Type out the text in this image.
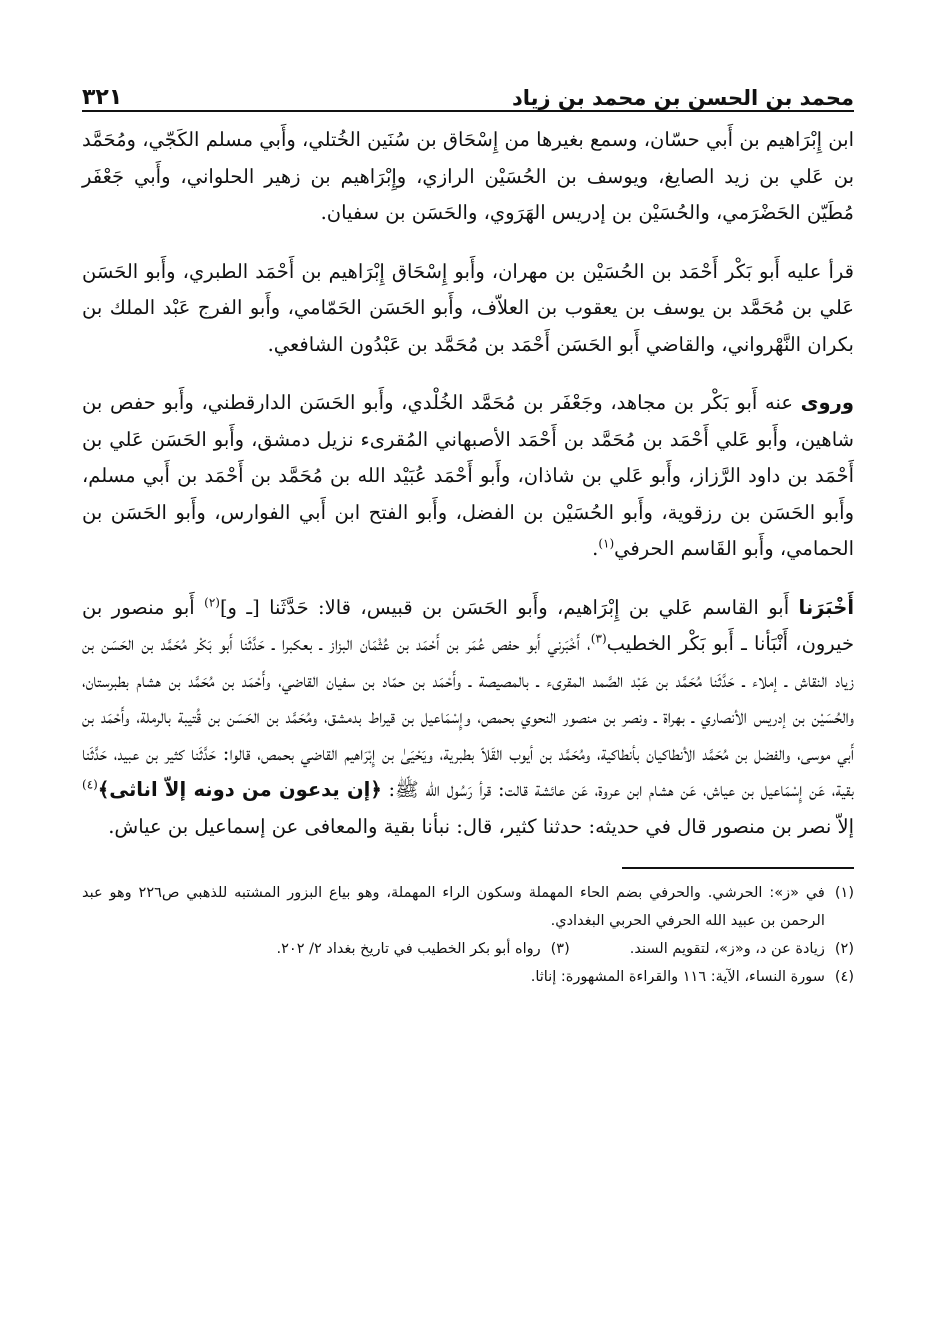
محمد بن الحسن بن محمد بن زياد
٣٢١

ابن إِبْرَاهيم بن أَبي حسّان، وسمع بغيرها من إِسْحَاق بن سُنَين الخُتلي، وأَبي مسلم الكَجّي، ومُحَمَّد بن عَلي بن زيد الصايغ، ويوسف بن الحُسَيْن الرازي، وإِبْرَاهيم بن زهير الحلواني، وأَبي جَعْفَر مُطَيّن الحَضْرَمي، والحُسَيْن بن إدريس الهَرَوي، والحَسَن بن سفيان.

قرأ عليه أَبو بَكْر أَحْمَد بن الحُسَيْن بن مهران، وأَبو إِسْحَاق إِبْرَاهيم بن أَحْمَد الطبري، وأَبو الحَسَن عَلي بن مُحَمَّد بن يوسف بن يعقوب بن العلاّف، وأَبو الحَسَن الحَمّامي، وأَبو الفرج عَبْد الملك بن بكران النَّهْرواني، والقاضي أَبو الحَسَن أَحْمَد بن مُحَمَّد بن عَبْدُون الشافعي.

وروى عنه أَبو بَكْر بن مجاهد، وجَعْفَر بن مُحَمَّد الخُلْدي، وأَبو الحَسَن الدارقطني، وأَبو حفص بن شاهين، وأَبو عَلي أَحْمَد بن مُحَمَّد بن أَحْمَد الأصبهاني المُقرىء نزيل دمشق، وأَبو الحَسَن عَلي بن أَحْمَد بن داود الرَّزاز، وأَبو عَلي بن شاذان، وأَبو أَحْمَد عُبَيْد الله بن مُحَمَّد بن أَحْمَد بن أَبي مسلم، وأَبو الحَسَن بن رزقوية، وأَبو الحُسَيْن بن الفضل، وأَبو الفتح ابن أَبي الفوارس، وأَبو الحَسَن بن الحمامي، وأَبو القَاسم الحرفي$^{(١)}$.

أَخْبَرَنا أَبو القاسم عَلي بن إِبْرَاهيم، وأَبو الحَسَن بن قبيس، قالا: حَدَّثَنا [ـ و]$^{(٢)}$ أَبو منصور بن خيرون، أَنْبَأنا ـ أَبو بَكْر الخطيب$^{(٣)}$، أَخْبَرني أَبو حفص عُمَر بن أَحْمَد بن عُثْمَان البزاز ـ بعكبرا ـ حَدَّثَنا أَبو بَكْر مُحَمَّد بن الحَسَن بن زياد النقاش ـ إملاء ـ حَدَّثَنا مُحَمَّد بن عَبْد الصَّمد المقرىء ـ بالمصيصة ـ وأَحْمَد بن حمّاد بن سفيان القاضي، وأَحْمَد بن مُحَمَّد بن هشام بطبرستان، والحُسَيْن بن إدريس الأنصاري ـ بهراة ـ ونصر بن منصور النحوي بحمص، وإِسْمَاعيل بن قيراط بدمشق، ومُحَمَّد بن الحَسَن بن قُتيبة بالرملة، وأَحْمَد بن أَبي موسى، والفضل بن مُحَمَّد الأنطاكيان بأنطاكية، ومُحَمَّد بن أيوب القَلاّ بطبرية، ويَحْيَىٰ بن إِبْرَاهيم القاضي بحمص، قالوا: حَدَّثَنا كثير بن عبيد، حَدَّثَنا بقية، عَن إِسْمَاعيل بن عياش، عَن هشام ابن عروة، عَن عائشة قالت: قرأ رَسُول الله ﷺ: ﴿إن يدعون من دونه إلاّ اناثى﴾$^{(٤)}$ إلاّ نصر بن منصور قال في حديثه: حدثنا كثير، قال: نبأنا بقية والمعافى عن إسماعيل بن عياش.

(١)
في «ز»: الحرشي. والحرفي بضم الحاء المهملة وسكون الراء المهملة، وهو بياع البزور المشتبه للذهبي ص٢٢٦ وهو عبد الرحمن بن عبيد الله الحرفي الحربي البغدادي.
(٢)
زيادة عن د، و«ز»، لتقويم السند.
(٣)
رواه أبو بكر الخطيب في تاريخ بغداد ٢/ ٢٠٢.
(٤)
سورة النساء، الآية: ١١٦ والقراءة المشهورة: إناثا.
